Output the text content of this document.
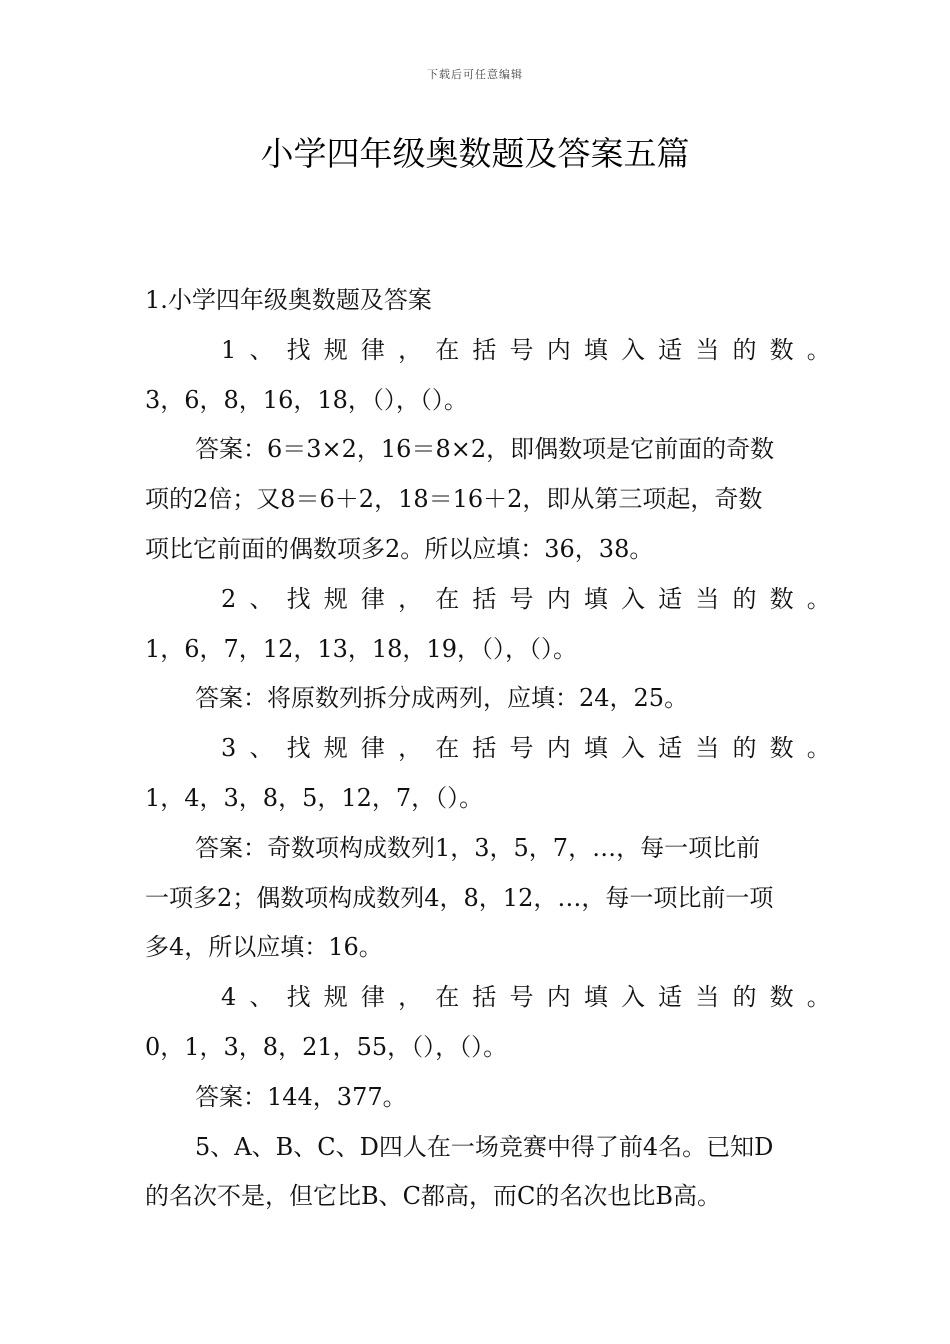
下载后可任意编辑
小学四年级奥数题及答案五篇

1.小学四年级奥数题及答案

1 、 找 规 律 ， 在 括 号 内 填 入 适 当 的 数 。

3，6，8，16，18，（），（）。

答案：6＝3×2，16＝8×2，即偶数项是它前面的奇数

项的2倍；又8＝6＋2，18＝16＋2，即从第三项起，奇数

项比它前面的偶数项多2。所以应填：36，38。

2 、 找 规 律 ， 在 括 号 内 填 入 适 当 的 数 。

1，6，7，12，13，18，19，（），（）。

答案：将原数列拆分成两列，应填：24，25。

3 、 找 规 律 ， 在 括 号 内 填 入 适 当 的 数 。

1，4，3，8，5，12，7，（）。

答案：奇数项构成数列1，3，5，7，…，每一项比前

一项多2；偶数项构成数列4，8，12，…，每一项比前一项

多4，所以应填：16。

4 、 找 规 律 ， 在 括 号 内 填 入 适 当 的 数 。

0，1，3，8，21，55，（），（）。

答案：144，377。

5、A、B、C、D四人在一场竞赛中得了前4名。已知D

的名次不是，但它比B、C都高，而C的名次也比B高。
